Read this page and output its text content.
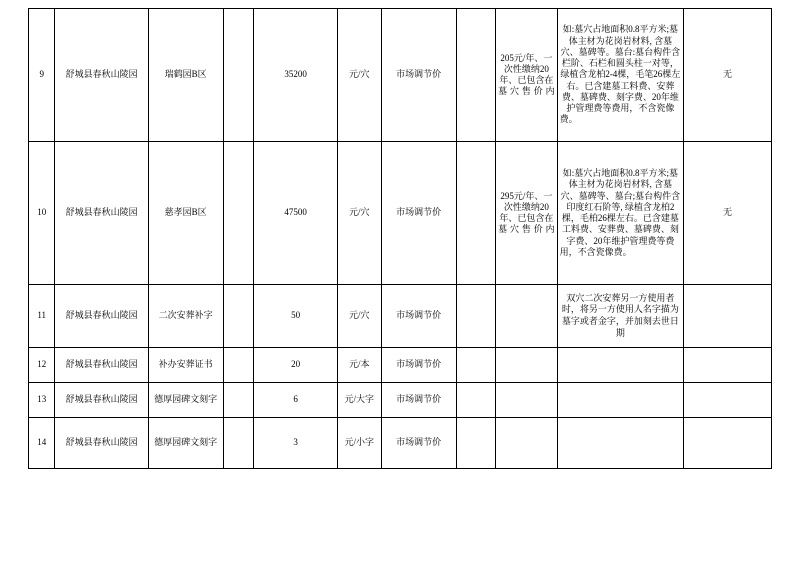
9	舒城县春秋山陵园	瑞鹤园B区		35200	元/穴	市场调节价		205元/年、一次性缴纳20年、已包含在墓穴售价内	如:墓穴占地面积0.8平方米;墓体主材为花岗岩材料, 含墓穴、墓碑等。墓台:墓台构件含栏阶、石栏和圆头柱一对等，绿植含龙柏2-4棵，毛笔26棵左右。已含建墓工料费、安葬费、墓碑费、刻字费、20年维护管理费等费用，不含瓷像费。	无
10	舒城县春秋山陵园	慈孝园B区		47500	元/穴	市场调节价		295元/年、一次性缴纳20年、已包含在墓穴售价内	如:墓穴占地面积0.8平方米;墓体主材为花岗岩材料, 含墓穴、墓碑等、墓台;墓台构件含印度红石阶等, 绿植含龙柏2棵，毛柏26棵左右。已含建墓工料费、安葬费、墓碑费、刻字费、20年维护管理费等费用，不含瓷像费。	无
11	舒城县春秋山陵园	二次安葬补字		50	元/穴	市场调节价			双穴二次安葬另一方使用者时，将另一方使用人名字描为墓字或者金字，并加刻去世日期	
12	舒城县春秋山陵园	补办安葬证书		20	元/本	市场调节价				
13	舒城县春秋山陵园	德厚园碑文刻字		6	元/大字	市场调节价				
14	舒城县春秋山陵园	德厚园碑文刻字		3	元/小字	市场调节价				
